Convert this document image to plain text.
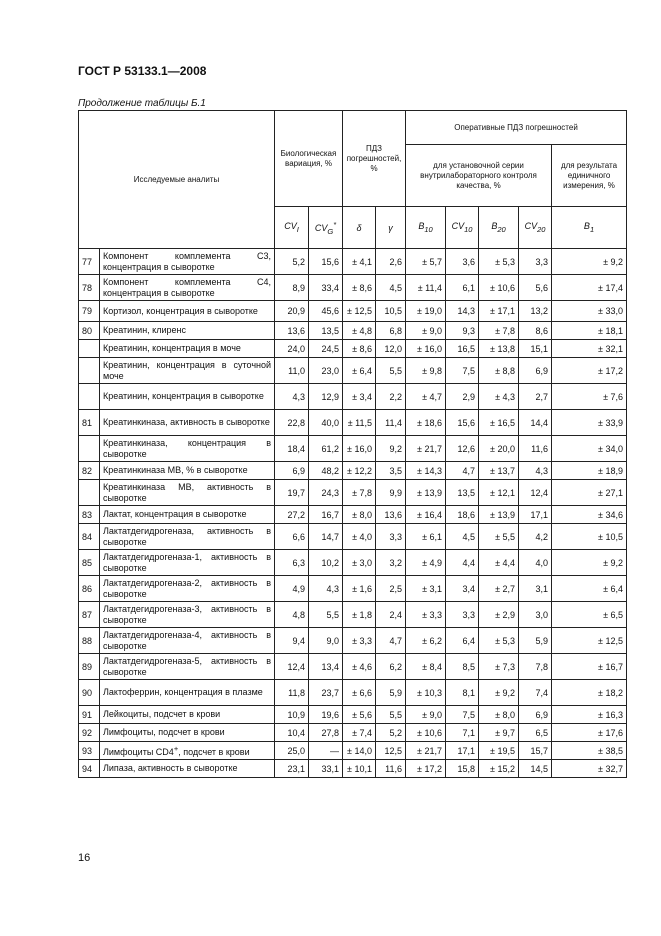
ГОСТ Р 53133.1—2008
Продолжение таблицы Б.1
Исследуемые аналиты		Биологическая вариация, %		ПДЗ погрешностей, %		Оперативные ПДЗ погрешностей				
						для установочной серии внутрилабораторного контроля качества, %				для результата единичного измерения, %
		$CV_I$	$CV_G^*$	δ	γ	$B_{10}$	$CV_{10}$	$B_{20}$	$CV_{20}$	$B_1$
77	Компонент комплемента С3, концентрация в сыворотке	5,2	15,6	± 4,1	2,6	± 5,7	3,6	± 5,3	3,3	± 9,2
78	Компонент комплемента С4, концентрация в сыворотке	8,9	33,4	± 8,6	4,5	± 11,4	6,1	± 10,6	5,6	± 17,4
79	Кортизол, концентрация в сыворотке	20,9	45,6	± 12,5	10,5	± 19,0	14,3	± 17,1	13,2	± 33,0
80	Креатинин, клиренс	13,6	13,5	± 4,8	6,8	± 9,0	9,3	± 7,8	8,6	± 18,1
	Креатинин, концентрация в моче	24,0	24,5	± 8,6	12,0	± 16,0	16,5	± 13,8	15,1	± 32,1
	Креатинин, концентрация в суточной моче	11,0	23,0	± 6,4	5,5	± 9,8	7,5	± 8,8	6,9	± 17,2
	Креатинин, концентрация в сыворотке	4,3	12,9	± 3,4	2,2	± 4,7	2,9	± 4,3	2,7	± 7,6
81	Креатинкиназа, активность в сыворотке	22,8	40,0	± 11,5	11,4	± 18,6	15,6	± 16,5	14,4	± 33,9
	Креатинкиназа, концентрация в сыворотке	18,4	61,2	± 16,0	9,2	± 21,7	12,6	± 20,0	11,6	± 34,0
82	Креатинкиназа МВ, % в сыворотке	6,9	48,2	± 12,2	3,5	± 14,3	4,7	± 13,7	4,3	± 18,9
	Креатинкиназа МВ, активность в сыворотке	19,7	24,3	± 7,8	9,9	± 13,9	13,5	± 12,1	12,4	± 27,1
83	Лактат, концентрация в сыворотке	27,2	16,7	± 8,0	13,6	± 16,4	18,6	± 13,9	17,1	± 34,6
84	Лактатдегидрогеназа, активность в сыворотке	6,6	14,7	± 4,0	3,3	± 6,1	4,5	± 5,5	4,2	± 10,5
85	Лактатдегидрогеназа-1, активность в сыворотке	6,3	10,2	± 3,0	3,2	± 4,9	4,4	± 4,4	4,0	± 9,2
86	Лактатдегидрогеназа-2, активность в сыворотке	4,9	4,3	± 1,6	2,5	± 3,1	3,4	± 2,7	3,1	± 6,4
87	Лактатдегидрогеназа-3, активность в сыворотке	4,8	5,5	± 1,8	2,4	± 3,3	3,3	± 2,9	3,0	± 6,5
88	Лактатдегидрогеназа-4, активность в сыворотке	9,4	9,0	± 3,3	4,7	± 6,2	6,4	± 5,3	5,9	± 12,5
89	Лактатдегидрогеназа-5, активность в сыворотке	12,4	13,4	± 4,6	6,2	± 8,4	8,5	± 7,3	7,8	± 16,7
90	Лактоферрин, концентрация в плазме	11,8	23,7	± 6,6	5,9	± 10,3	8,1	± 9,2	7,4	± 18,2
91	Лейкоциты, подсчет в крови	10,9	19,6	± 5,6	5,5	± 9,0	7,5	± 8,0	6,9	± 16,3
92	Лимфоциты, подсчет в крови	10,4	27,8	± 7,4	5,2	± 10,6	7,1	± 9,7	6,5	± 17,6
93	Лимфоциты CD4+, подсчет в крови	25,0	—	± 14,0	12,5	± 21,7	17,1	± 19,5	15,7	± 38,5
94	Липаза, активность в сыворотке	23,1	33,1	± 10,1	11,6	± 17,2	15,8	± 15,2	14,5	± 32,7
16
